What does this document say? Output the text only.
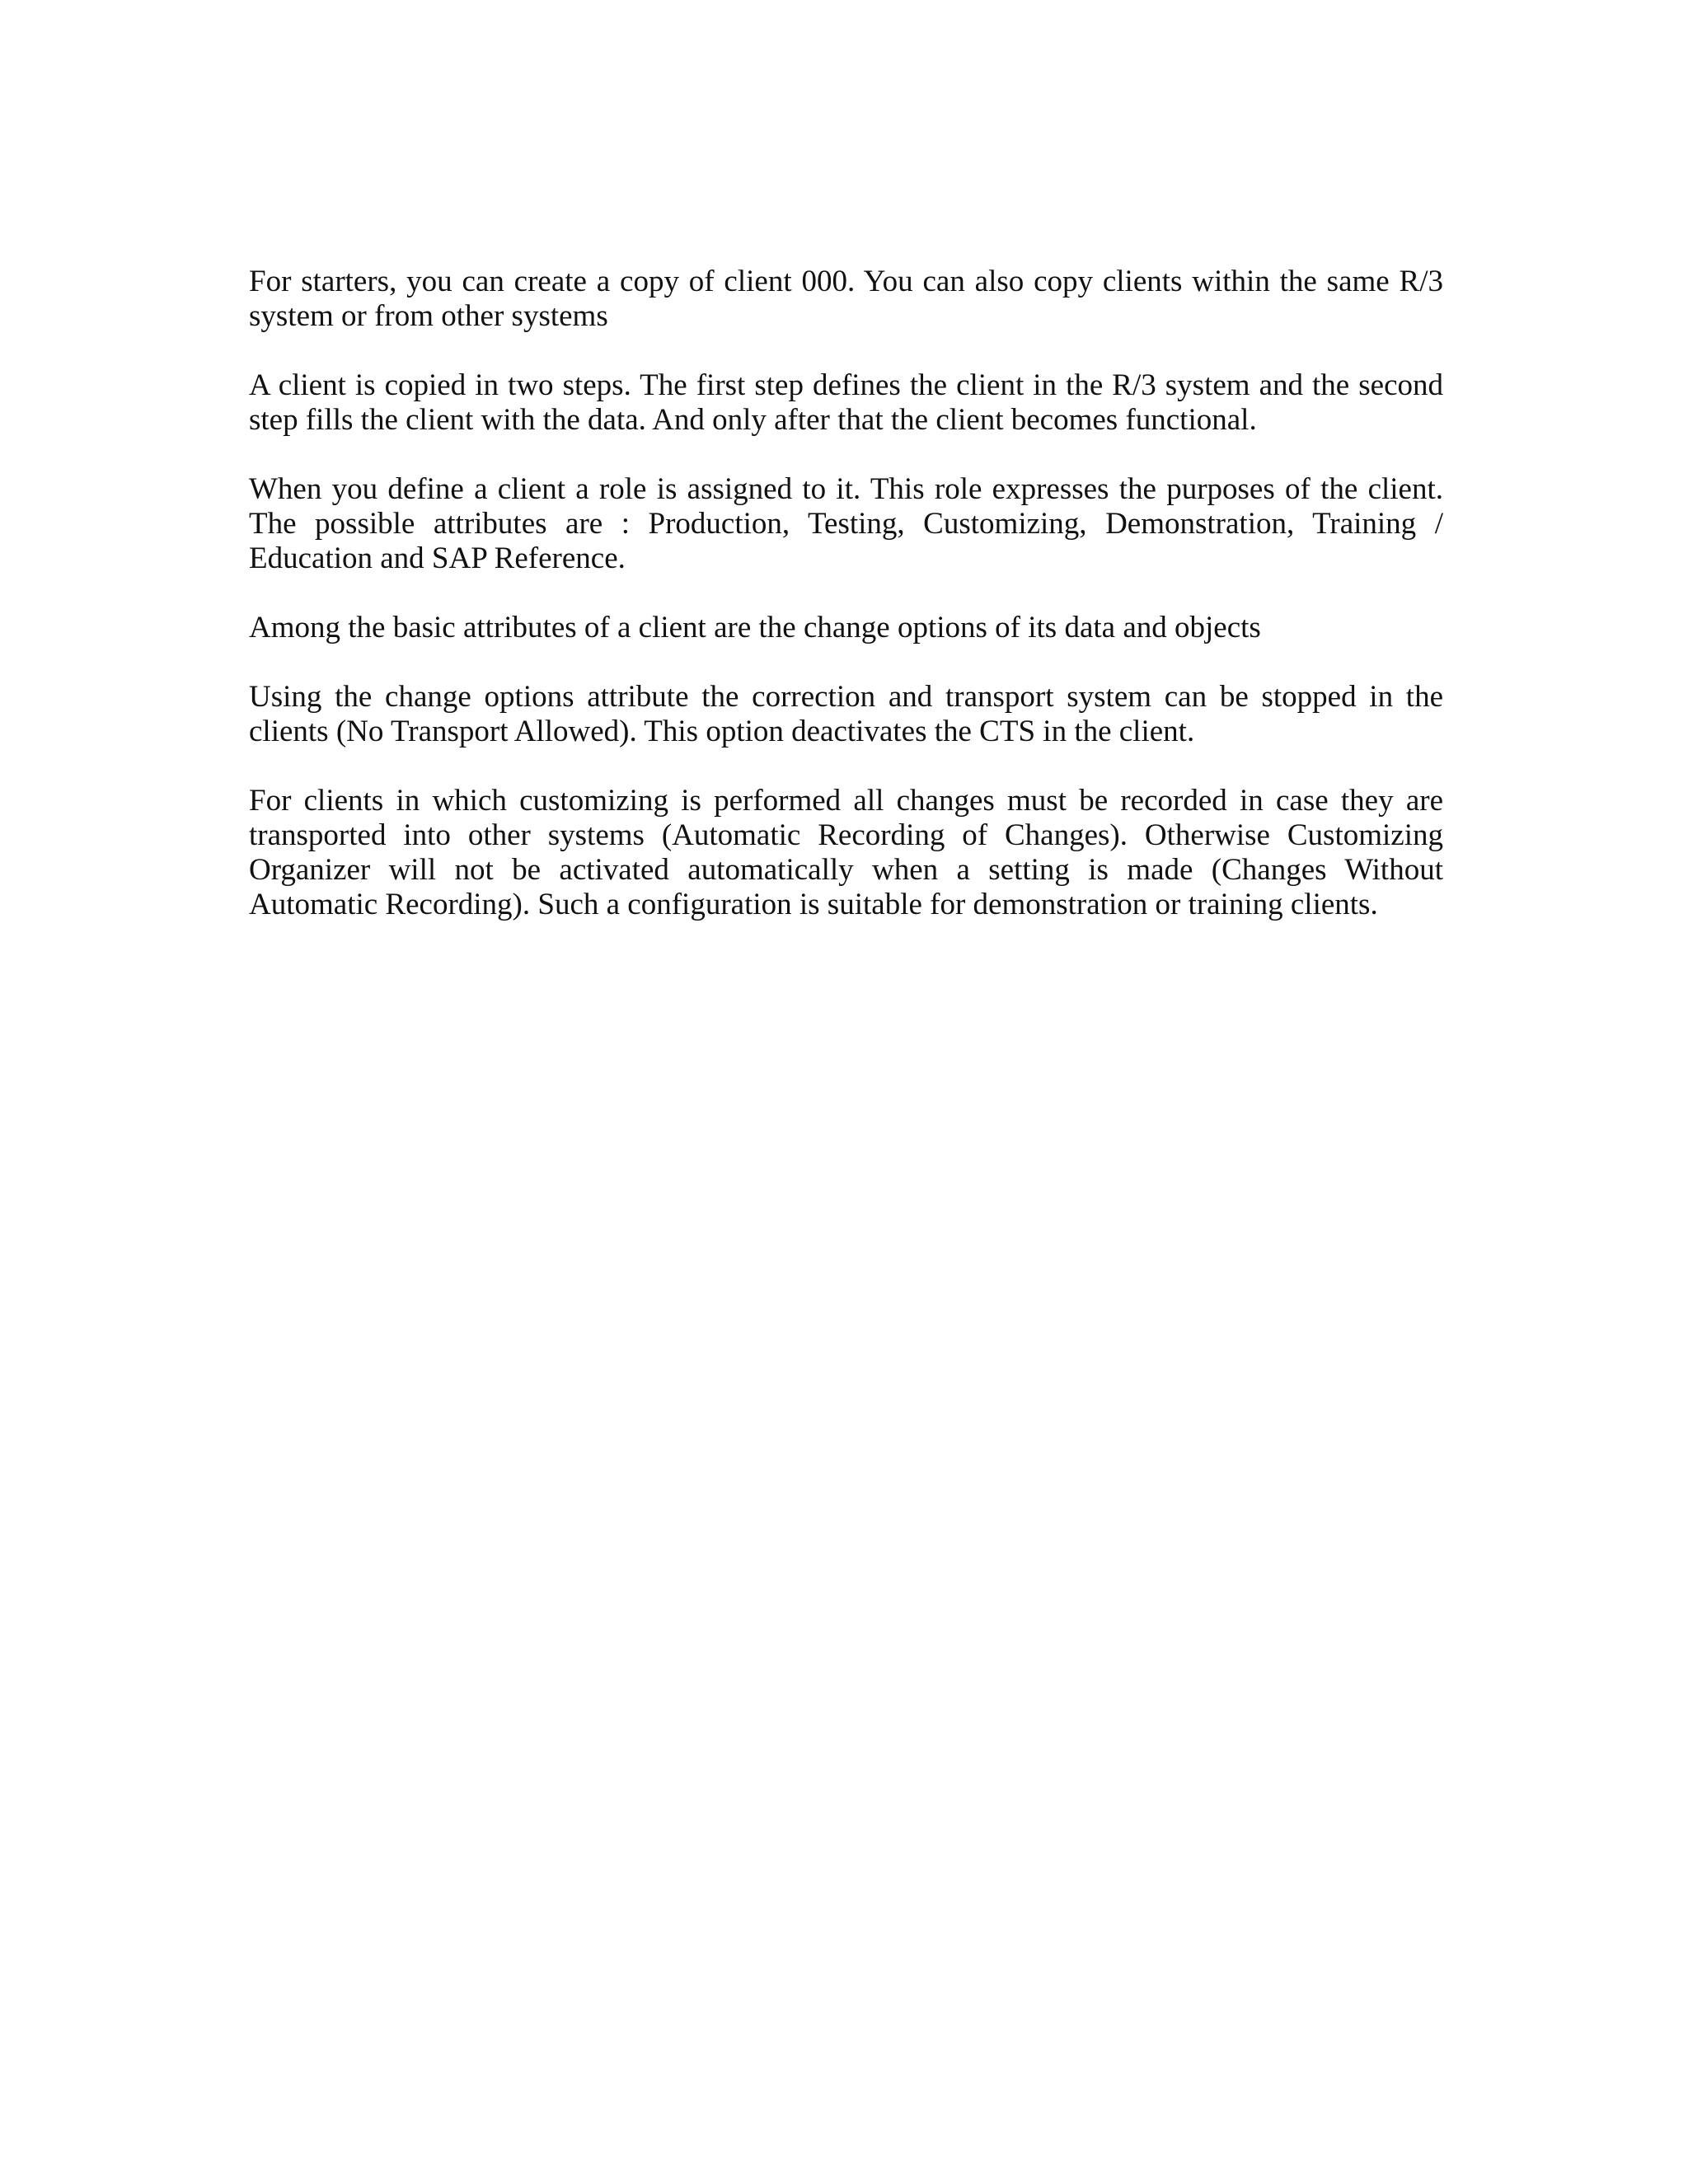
For starters, you can create a copy of client 000. You can also copy clients within the same R/3 system or from other systems

A client is copied in two steps. The first step defines the client in the R/3 system and the second step fills the client with the data. And only after that the client becomes functional.

When you define a client a role is assigned to it. This role expresses the purposes of the client. The possible attributes are : Production, Testing, Customizing, Demonstration, Training / Education and SAP Reference.

Among the basic attributes of a client are the change options of its data and objects

Using the change options attribute the correction and transport system can be stopped in the clients (No Transport Allowed). This option deactivates the CTS in the client.

For clients in which customizing is performed all changes must be recorded in case they are transported into other systems (Automatic Recording of Changes). Otherwise Customizing Organizer will not be activated automatically when a setting is made (Changes Without Automatic Recording). Such a configuration is suitable for demonstration or training clients.
